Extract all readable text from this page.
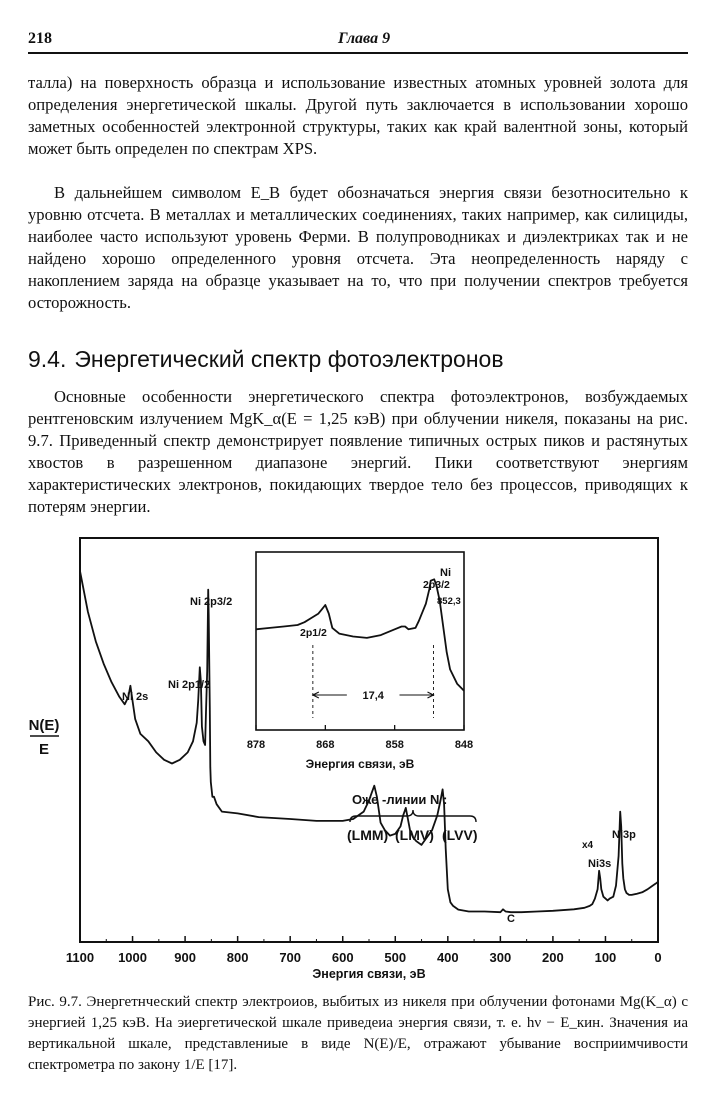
218	Глава 9

талла) на поверхность образца и использование известных атомных уровней золота для определения энергетической шкалы. Другой путь заключается в использовании хорошо заметных особенностей электронной структуры, таких как край валентной зоны, который может быть определен по спектрам XPS.

В дальнейшем символом E_B будет обозначаться энергия связи безотносительно к уровню отсчета. В металлах и металлических соединениях, таких например, как силициды, наиболее часто используют уровень Ферми. В полупроводниках и диэлектриках так и не найдено хорошо определенного уровня отсчета. Эта неопределенность наряду с накоплением заряда на образце указывает на то, что при получении спектров требуется осторожность.

9.4. Энергетический спектр фотоэлектронов

Основные особенности энергетического спектра фотоэлектронов, возбуждаемых рентгеновским излучением MgK_α(E = 1,25 кэВ) при облучении никеля, показаны на рис. 9.7. Приведенный спектр демонстрирует появление типичных острых пиков и растянутых хвостов в разрешенном диапазоне энергий. Пики соответствуют энергиям характеристических электронов, покидающих твердое тело без процессов, приводящих к потерям энергии.

1100 1000 900 800 700 600 500 400 300 200 100	0
Энергия связи, эВ
N(E)
E
Ni 2s
Ni 2p1/2
Ni 2p3/2
(LMM) (LMV) (LVV)
Оже -линии N :
C
x4
Ni3s
Ni3p
878	868	858	848
Энергия связи, эВ
Ni
2p3/2
852,3
2p1/2
17,4

Рис. 9.7. Энергетнческий спектр электроиов, выбитых из никеля при облучении фотонами Mg(K_α) с энергией 1,25 кэВ. На эиергетической шкале приведеиа энергия связи, т. е. hν − E_кин. Значения иа вертикальной шкале, представлениые в виде N(E)/E, отражают убывание восприимчивости спектрометра по закону 1/E [17].
